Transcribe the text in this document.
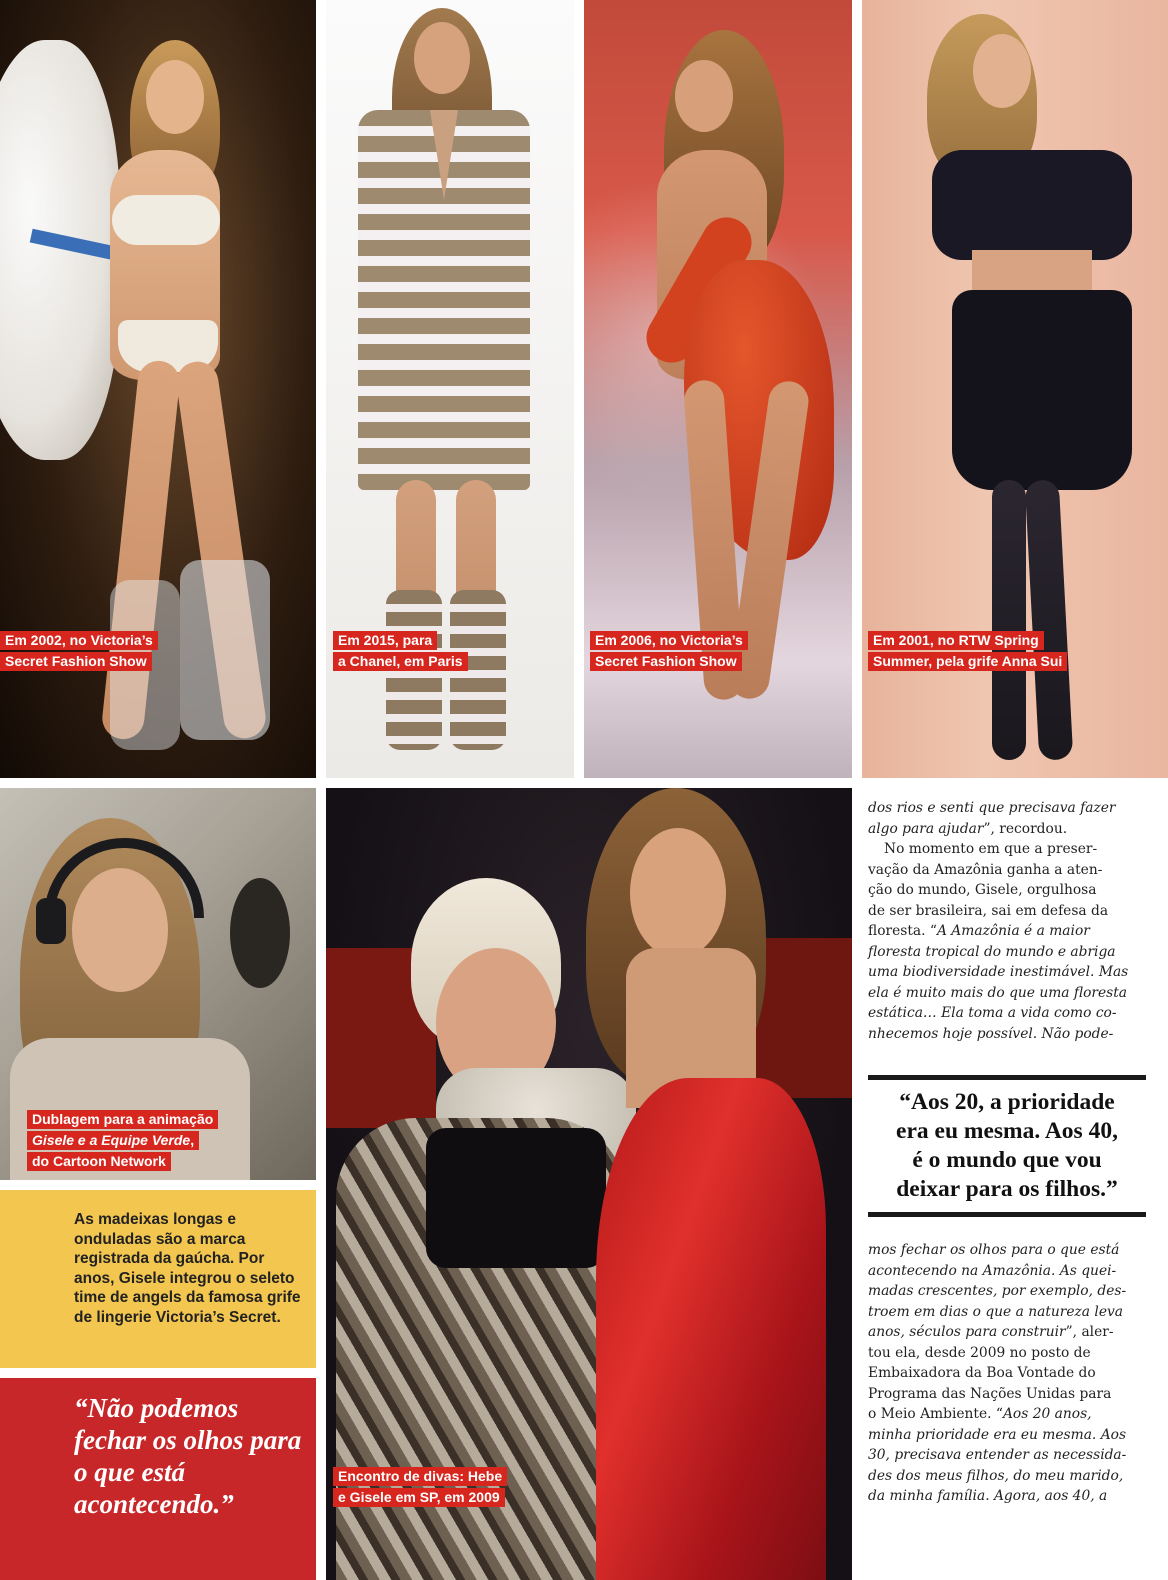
Em 2002, no Victoria’s
Secret Fashion Show
Em 2015, para
a Chanel, em Paris
Em 2006, no Victoria’s
Secret Fashion Show
Em 2001, no RTW Spring
Summer, pela grife Anna Sui
Dublagem para a animação
Gisele e a Equipe Verde,
do Cartoon Network
Encontro de divas: Hebe
e Gisele em SP, em 2009

dos rios e senti que precisava fazer

algo para ajudar”, recordou.

No momento em que a preser-

vação da Amazônia ganha a aten-

ção do mundo, Gisele, orgulhosa

de ser brasileira, sai em defesa da

floresta. “A Amazônia é a maior

floresta tropical do mundo e abriga

uma biodiversidade inestimável. Mas

ela é muito mais do que uma floresta

estática… Ela toma a vida como co-

nhecemos hoje possível. Não pode-

“Aos 20, a prioridade
era eu mesma. Aos 40,
é o mundo que vou
deixar para os filhos.”

mos fechar os olhos para o que está

acontecendo na Amazônia. As quei-

madas crescentes, por exemplo, des-

troem em dias o que a natureza leva

anos, séculos para construir”, aler-

tou ela, desde 2009 no posto de

Embaixadora da Boa Vontade do

Programa das Nações Unidas para

o Meio Ambiente. “Aos 20 anos,

minha prioridade era eu mesma. Aos

30, precisava entender as necessida-

des dos meus filhos, do meu marido,

da minha família. Agora, aos 40, a

As madeixas longas e onduladas são a marca registrada da gaúcha. Por anos, Gisele integrou o seleto time de angels da famosa grife de lingerie Victoria’s Secret.
“Não podemos fechar os olhos para o que está acontecendo.”
